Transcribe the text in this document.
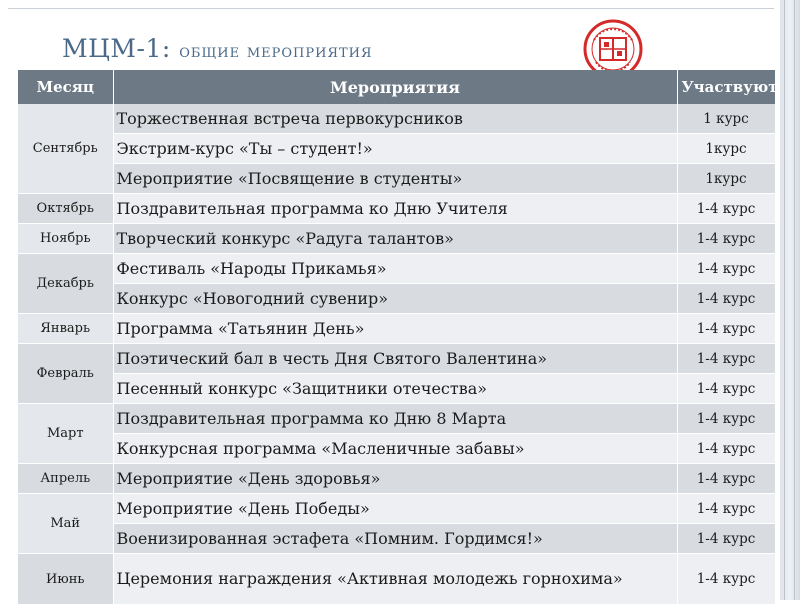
МЦМ-1: общие мероприятия
Месяц	Мероприятия	Участвуют
Сентябрь	Торжественная встреча первокурсников	1 курс
	Экстрим-курс «Ты – студент!»	1курс
	Мероприятие «Посвящение в студенты»	1курс
Октябрь	Поздравительная программа ко Дню Учителя	1-4 курс
Ноябрь	Творческий конкурс «Радуга талантов»	1-4 курс
Декабрь	Фестиваль «Народы Прикамья»	1-4 курс
	Конкурс «Новогодний сувенир»	1-4 курс
Январь	Программа «Татьянин День»	1-4 курс
Февраль	Поэтический бал в честь Дня Святого Валентина»	1-4 курс
	Песенный конкурс «Защитники отечества»	1-4 курс
Март	Поздравительная программа ко Дню 8 Марта	1-4 курс
	Конкурсная программа «Масленичные забавы»	1-4 курс
Апрель	Мероприятие «День здоровья»	1-4 курс
Май	Мероприятие «День Победы»	1-4 курс
	Военизированная эстафета «Помним. Гордимся!»	1-4 курс
Июнь	Церемония награждения «Активная молодежь горнохима»	1-4 курс
